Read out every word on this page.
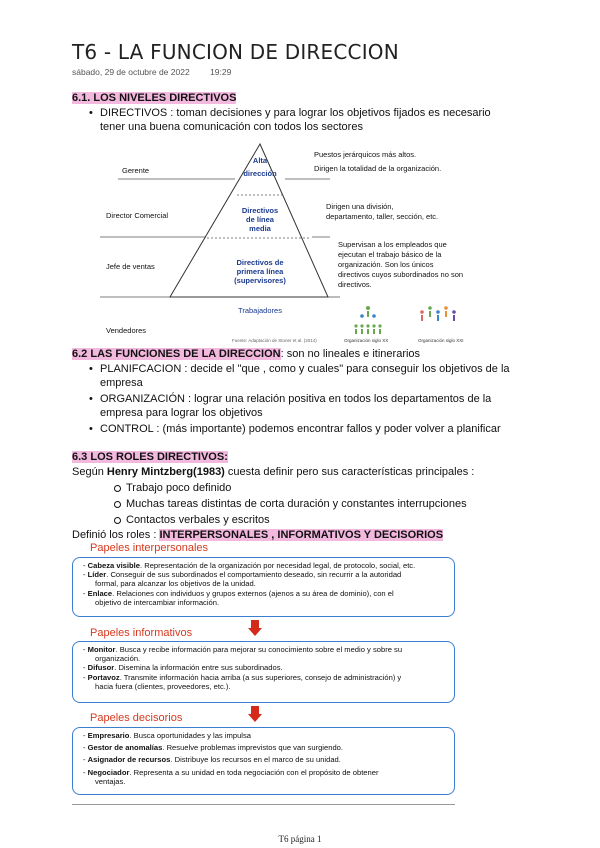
T6 - LA FUNCION DE DIRECCION
sábado, 29 de octubre de 2022 19:29
6.1. LOS NIVELES DIRECTIVOS
• DIRECTIVOS : toman decisiones y para lograr los objetivos fijados es necesario
tener una buena comunicación con todos los sectores
Gerente
Director Comercial
Jefe de ventas
Vendedores
Alta
dirección
Directivos
de línea
media
Directivos de
primera línea
(supervisores)
Trabajadores
Puestos jerárquicos más altos.
Dirigen la totalidad de la organización.
Dirigen una división,
departamento, taller, sección, etc.
Supervisan a los empleados que
ejecutan el trabajo básico de la
organización. Son los únicos
directivos cuyos subordinados no son
directivos.
Fuente: Adaptación de Stoner et al. (2014)	Organización siglo XX	Organización siglo XXI
6.2 LAS FUNCIONES DE LA DIRECCION: son no lineales e itinerarios
• PLANIFCACION : decide el "que , como y cuales" para conseguir los objetivos de la
empresa
• ORGANIZACIÓN : lograr una relación positiva en todos los departamentos de la
empresa para lograr los objetivos
• CONTROL : (más importante) podemos encontrar fallos y poder volver a planificar
6.3 LOS ROLES DIRECTIVOS:
Según Henry Mintzberg(1983) cuesta definir pero sus características principales :
Trabajo poco definido
Muchas tareas distintas de corta duración y constantes interrupciones
Contactos verbales y escritos
Definió los roles : INTERPERSONALES , INFORMATIVOS Y DECISORIOS
Papeles interpersonales

- Cabeza visible. Representación de la organización por necesidad legal, de protocolo, social, etc.

- Líder. Conseguir de sus subordinados el comportamiento deseado, sin recurrir a la autoridad

formal, para alcanzar los objetivos de la unidad.

- Enlace. Relaciones con individuos y grupos externos (ajenos a su área de dominio), con el

objetivo de intercambiar información.

Papeles informativos

- Monitor. Busca y recibe información para mejorar su conocimiento sobre el medio y sobre su

organización.

- Difusor. Disemina la información entre sus subordinados.

- Portavoz. Transmite información hacia arriba (a sus superiores, consejo de administración) y

hacia fuera (clientes, proveedores, etc.).

Papeles decisorios

- Empresario. Busca oportunidades y las impulsa

- Gestor de anomalías. Resuelve problemas imprevistos que van surgiendo.

- Asignador de recursos. Distribuye los recursos en el marco de su unidad.

- Negociador. Representa a su unidad en toda negociación con el propósito de obtener

ventajas.

T6 página 1
